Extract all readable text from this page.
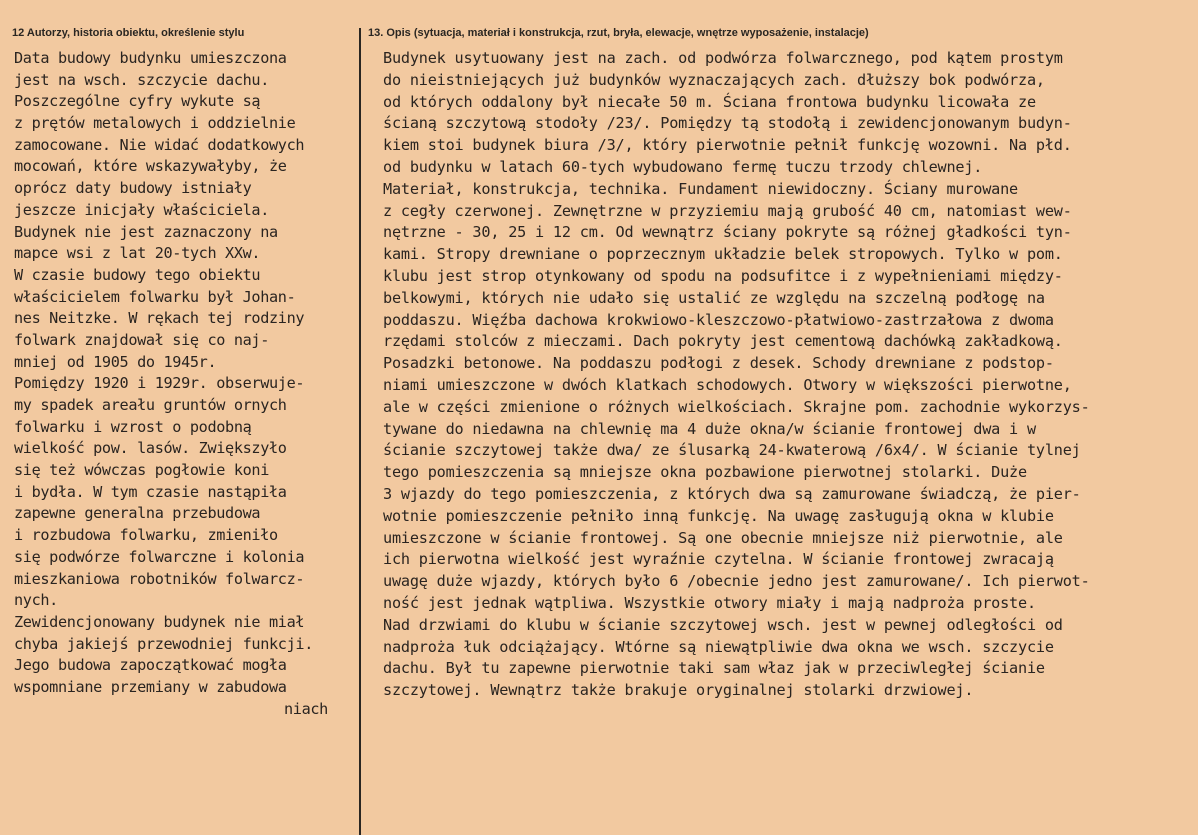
12 Autorzy, historia obiektu, określenie stylu	13. Opis (sytuacja, materiał i konstrukcja, rzut, bryła, elewacje, wnętrze wyposażenie, instalacje)
Data budowy budynku umieszczona
jest na wsch. szczycie dachu.
Poszczególne cyfry wykute są
z prętów metalowych i oddzielnie
zamocowane. Nie widać dodatkowych
mocowań, które wskazywałyby, że
oprócz daty budowy istniały
jeszcze inicjały właściciela.
Budynek nie jest zaznaczony na
mapce wsi z lat 20-tych XXw.
W czasie budowy tego obiektu
właścicielem folwarku był Johan-
nes Neitzke. W rękach tej rodziny
folwark znajdował się co naj-
mniej od 1905 do 1945r.
Pomiędzy 1920 i 1929r. obserwuje-
my spadek areału gruntów ornych
folwarku i wzrost o podobną
wielkość pow. lasów. Zwiększyło
się też wówczas pogłowie koni
i bydła. W tym czasie nastąpiła
zapewne generalna przebudowa
i rozbudowa folwarku, zmieniło
się podwórze folwarczne i kolonia
mieszkaniowa robotników folwarcz-
nych.
Zewidencjonowany budynek nie miał
chyba jakiejś przewodniej funkcji.
Jego budowa zapoczątkować mogła
wspomniane przemiany w zabudowa
niach
Budynek usytuowany jest na zach. od podwórza folwarcznego, pod kątem prostym
do nieistniejących już budynków wyznaczających zach. dłuższy bok podwórza,
od których oddalony był niecałe 50 m. Ściana frontowa budynku licowała ze
ścianą szczytową stodoły /23/. Pomiędzy tą stodołą i zewidencjonowanym budyn-
kiem stoi budynek biura /3/, który pierwotnie pełnił funkcję wozowni. Na płd.
od budynku w latach 60-tych wybudowano fermę tuczu trzody chlewnej.
Materiał, konstrukcja, technika. Fundament niewidoczny. Ściany murowane
z cegły czerwonej. Zewnętrzne w przyziemiu mają grubość 40 cm, natomiast wew-
nętrzne - 30, 25 i 12 cm. Od wewnątrz ściany pokryte są różnej gładkości tyn-
kami. Stropy drewniane o poprzecznym układzie belek stropowych. Tylko w pom.
klubu jest strop otynkowany od spodu na podsufitce i z wypełnieniami między-
belkowymi, których nie udało się ustalić ze względu na szczelną podłogę na
poddaszu. Więźba dachowa krokwiowo-kleszczowo-płatwiowo-zastrzałowa z dwoma
rzędami stolców z mieczami. Dach pokryty jest cementową dachówką zakładkową.
Posadzki betonowe. Na poddaszu podłogi z desek. Schody drewniane z podstop-
niami umieszczone w dwóch klatkach schodowych. Otwory w większości pierwotne,
ale w części zmienione o różnych wielkościach. Skrajne pom. zachodnie wykorzys-
tywane do niedawna na chlewnię ma 4 duże okna/w ścianie frontowej dwa i w
ścianie szczytowej także dwa/ ze ślusarką 24-kwaterową /6x4/. W ścianie tylnej
tego pomieszczenia są mniejsze okna pozbawione pierwotnej stolarki. Duże
3 wjazdy do tego pomieszczenia, z których dwa są zamurowane świadczą, że pier-
wotnie pomieszczenie pełniło inną funkcję. Na uwagę zasługują okna w klubie
umieszczone w ścianie frontowej. Są one obecnie mniejsze niż pierwotnie, ale
ich pierwotna wielkość jest wyraźnie czytelna. W ścianie frontowej zwracają
uwagę duże wjazdy, których było 6 /obecnie jedno jest zamurowane/. Ich pierwot-
ność jest jednak wątpliwa. Wszystkie otwory miały i mają nadproża proste.
Nad drzwiami do klubu w ścianie szczytowej wsch. jest w pewnej odległości od
nadproża łuk odciążający. Wtórne są niewątpliwie dwa okna we wsch. szczycie
dachu. Był tu zapewne pierwotnie taki sam właz jak w przeciwległej ścianie
szczytowej. Wewnątrz także brakuje oryginalnej stolarki drzwiowej.
